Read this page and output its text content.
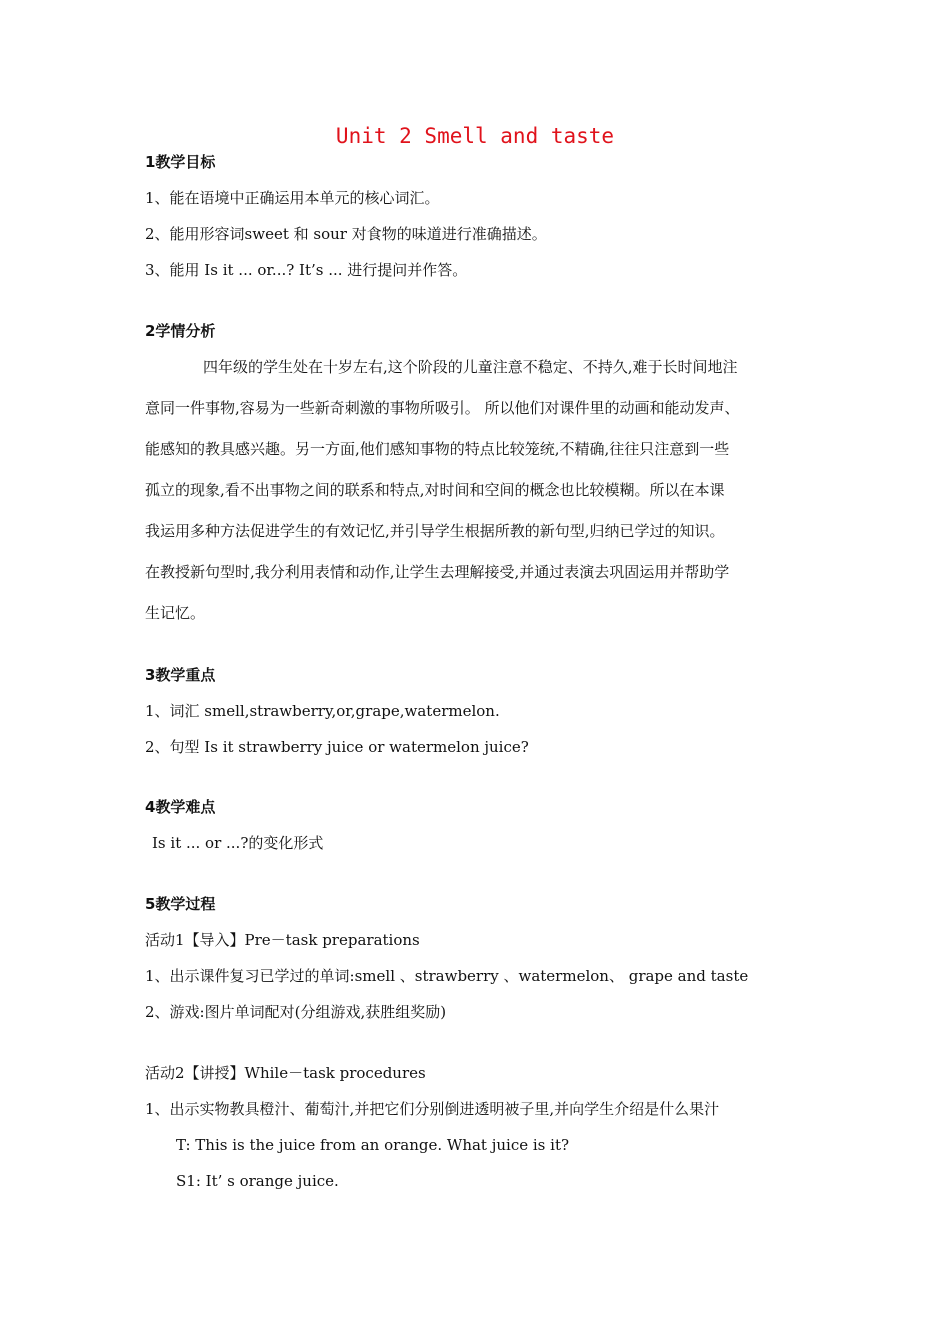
Unit 2 Smell and taste
1教学目标
1、能在语境中正确运用本单元的核心词汇。
2、能用形容词sweet 和 sour 对食物的味道进行准确描述。
3、能用 Is it ... or...? It’s ... 进行提问并作答。
2学情分析
四年级的学生处在十岁左右,这个阶段的儿童注意不稳定、不持久,难于长时间地注
意同一件事物,容易为一些新奇刺激的事物所吸引。 所以他们对课件里的动画和能动发声、
能感知的教具感兴趣。另一方面,他们感知事物的特点比较笼统,不精确,往往只注意到一些
孤立的现象,看不出事物之间的联系和特点,对时间和空间的概念也比较模糊。所以在本课
我运用多种方法促进学生的有效记忆,并引导学生根据所教的新句型,归纳已学过的知识。
在教授新句型时,我分利用表情和动作,让学生去理解接受,并通过表演去巩固运用并帮助学
生记忆。
3教学重点
1、词汇 smell,strawberry,or,grape,watermelon.
2、句型 Is it strawberry juice or watermelon juice?
4教学难点
Is it ... or ...?的变化形式
5教学过程
活动1【导入】Pre－task preparations
1、出示课件复习已学过的单词:smell 、strawberry 、watermelon、 grape and taste
2、游戏:图片单词配对(分组游戏,获胜组奖励)
活动2【讲授】While－task procedures
1、出示实物教具橙汁、葡萄汁,并把它们分别倒进透明被子里,并向学生介绍是什么果汁
T: This is the juice from an orange. What juice is it?
S1: It’ s orange juice.
